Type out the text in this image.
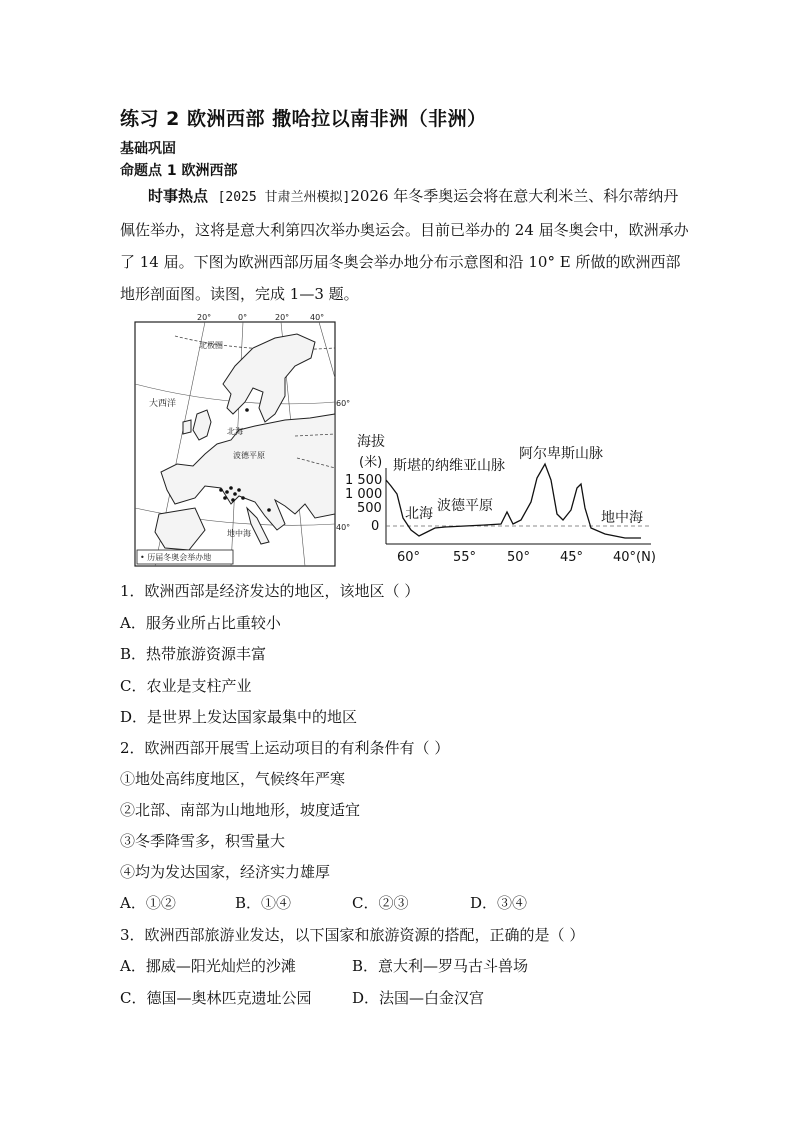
练习 2 欧洲西部 撒哈拉以南非洲（非洲）
基础巩固
命题点 1 欧洲西部
时事热点 [2025 甘肃兰州模拟]2026 年冬季奥运会将在意大利米兰、科尔蒂纳丹佩佐举办，这将是意大利第四次举办奥运会。目前已举办的 24 届冬奥会中，欧洲承办了 14 届。下图为欧洲西部历届冬奥会举办地分布示意图和沿 10° E 所做的欧洲西部地形剖面图。读图，完成 1—3 题。
20°	0°	20°	40°
60°
40°
北极圈
大西洋
北海
波德平原
地中海
• 历届冬奥会举办地
海拔
(米)
1 500
1 000
500
0
60°	55° 50° 45° 40°(N)
斯堪的纳维亚山脉
阿尔卑斯山脉
北海 波德平原
地中海
1．欧洲西部是经济发达的地区，该地区（ ）
A．服务业所占比重较小
B．热带旅游资源丰富
C．农业是支柱产业
D．是世界上发达国家最集中的地区
2．欧洲西部开展雪上运动项目的有利条件有（ ）
①地处高纬度地区，气候终年严寒
②北部、南部为山地地形，坡度适宜
③冬季降雪多，积雪量大
④均为发达国家，经济实力雄厚
A．①②	B．①④	C．②③	D．③④
3．欧洲西部旅游业发达，以下国家和旅游资源的搭配，正确的是（ ）
A．挪威—阳光灿烂的沙滩	B．意大利—罗马古斗兽场
C．德国—奥林匹克遗址公园	D．法国—白金汉宫
